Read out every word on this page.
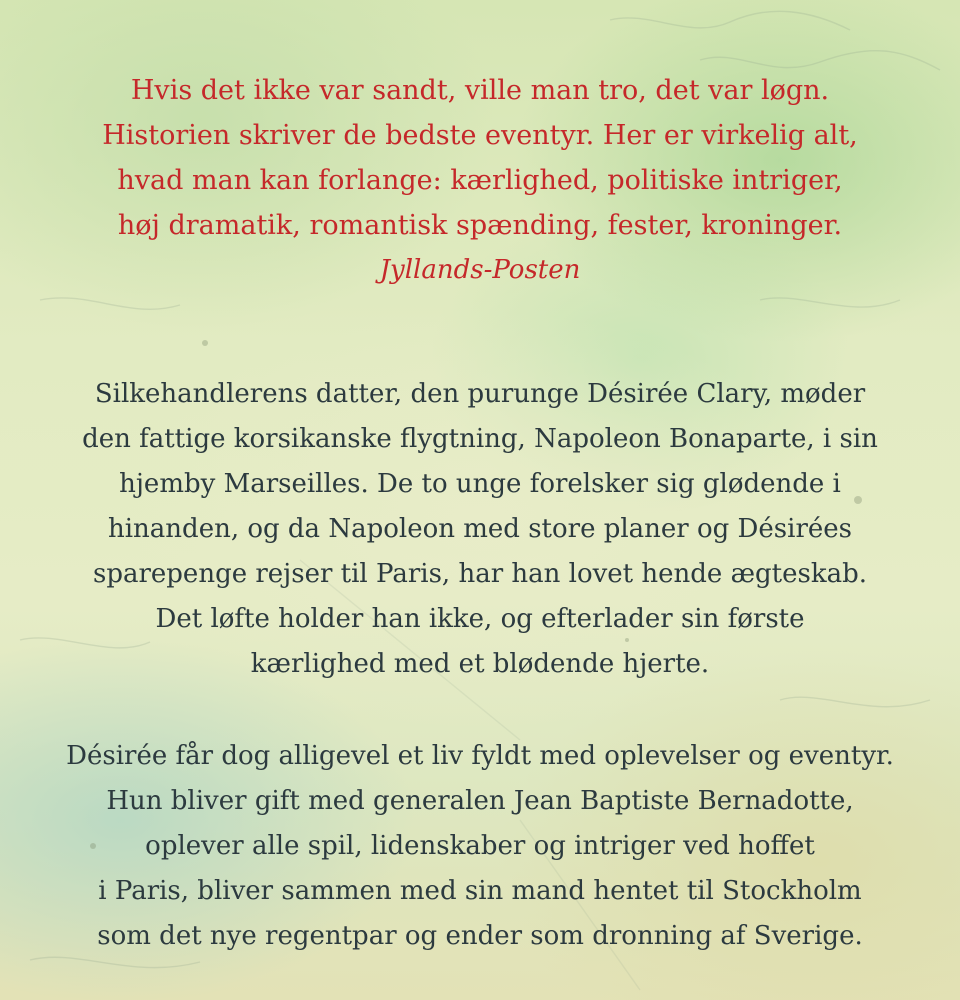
Hvis det ikke var sandt, ville man tro, det var løgn.
Historien skriver de bedste eventyr. Her er virkelig alt,
hvad man kan forlange: kærlighed, politiske intriger,
høj dramatik, romantisk spænding, fester, kroninger.
Jyllands-Posten
Silkehandlerens datter, den purunge Désirée Clary, møder
den fattige korsikanske flygtning, Napoleon Bonaparte, i sin
hjemby Marseilles. De to unge forelsker sig glødende i
hinanden, og da Napoleon med store planer og Désirées
sparepenge rejser til Paris, har han lovet hende ægteskab.
Det løfte holder han ikke, og efterlader sin første
kærlighed med et blødende hjerte.
Désirée får dog alligevel et liv fyldt med oplevelser og eventyr.
Hun bliver gift med generalen Jean Baptiste Bernadotte,
oplever alle spil, lidenskaber og intriger ved hoffet
i Paris, bliver sammen med sin mand hentet til Stockholm
som det nye regentpar og ender som dronning af Sverige.
